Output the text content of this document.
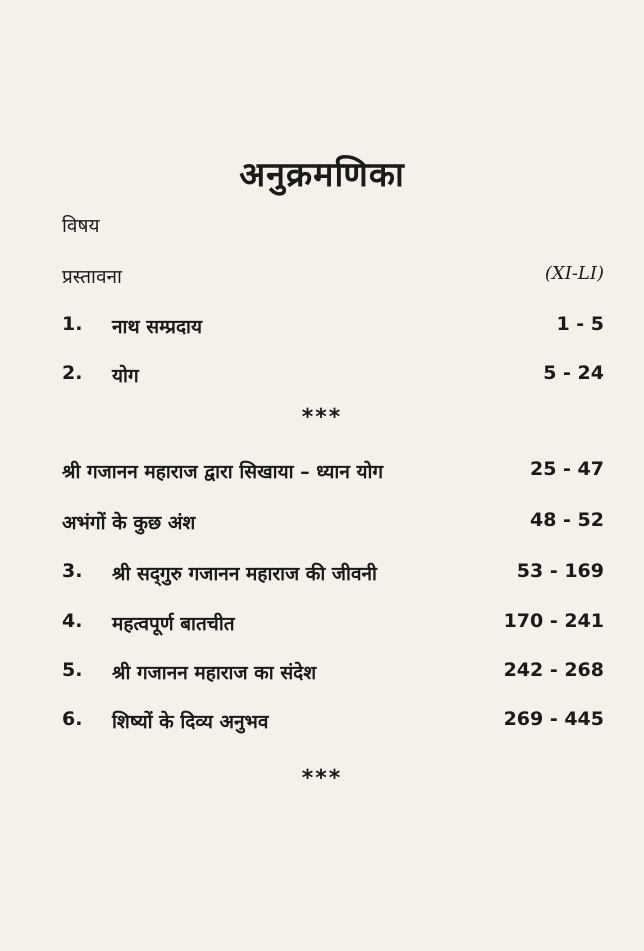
अनुक्रमणिका
विषय
प्रस्तावना	(XI-LI)
1. नाथ सम्प्रदाय	1 - 5
2. योग	5 - 24
***
श्री गजानन महाराज द्वारा सिखाया – ध्यान योग	25 - 47
अभंगों के कुछ अंश	48 - 52
3. श्री सद्‌गुरु गजानन महाराज की जीवनी	53 - 169
4. महत्वपूर्ण बातचीत	170 - 241
5. श्री गजानन महाराज का संदेश	242 - 268
6. शिष्यों के दिव्य अनुभव	269 - 445
***
